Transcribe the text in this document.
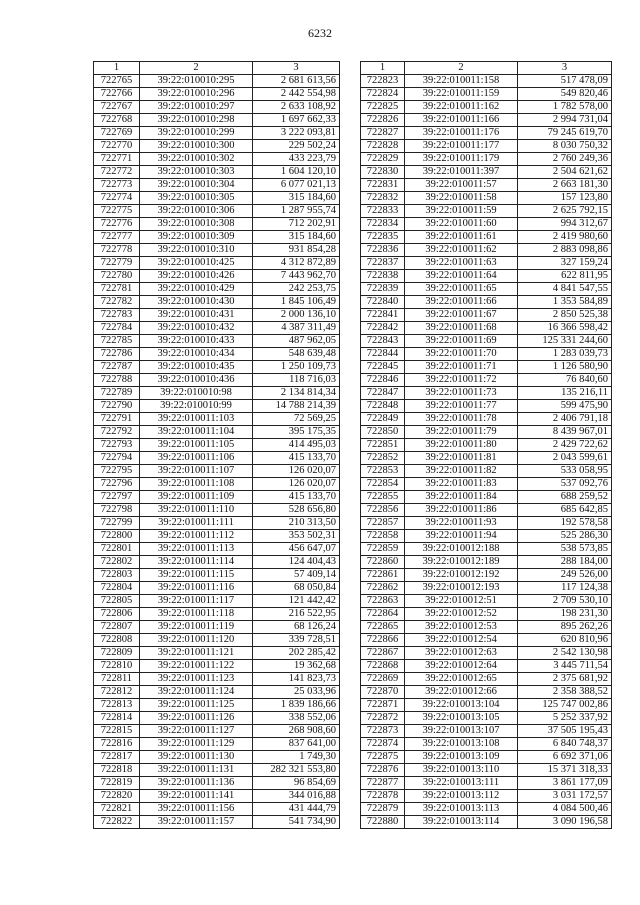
6232
1	2	3
722765	39:22:010010:295	2 681 613,56
722766	39:22:010010:296	2 442 554,98
722767	39:22:010010:297	2 633 108,92
722768	39:22:010010:298	1 697 662,33
722769	39:22:010010:299	3 222 093,81
722770	39:22:010010:300	229 502,24
722771	39:22:010010:302	433 223,79
722772	39:22:010010:303	1 604 120,10
722773	39:22:010010:304	6 077 021,13
722774	39:22:010010:305	315 184,60
722775	39:22:010010:306	1 287 955,74
722776	39:22:010010:308	712 202,91
722777	39:22:010010:309	315 184,60
722778	39:22:010010:310	931 854,28
722779	39:22:010010:425	4 312 872,89
722780	39:22:010010:426	7 443 962,70
722781	39:22:010010:429	242 253,75
722782	39:22:010010:430	1 845 106,49
722783	39:22:010010:431	2 000 136,10
722784	39:22:010010:432	4 387 311,49
722785	39:22:010010:433	487 962,05
722786	39:22:010010:434	548 639,48
722787	39:22:010010:435	1 250 109,73
722788	39:22:010010:436	118 716,03
722789	39:22:010010:98	2 134 814,34
722790	39:22:010010:99	14 788 214,39
722791	39:22:010011:103	72 569,25
722792	39:22:010011:104	395 175,35
722793	39:22:010011:105	414 495,03
722794	39:22:010011:106	415 133,70
722795	39:22:010011:107	126 020,07
722796	39:22:010011:108	126 020,07
722797	39:22:010011:109	415 133,70
722798	39:22:010011:110	528 656,80
722799	39:22:010011:111	210 313,50
722800	39:22:010011:112	353 502,31
722801	39:22:010011:113	456 647,07
722802	39:22:010011:114	124 404,43
722803	39:22:010011:115	57 409,14
722804	39:22:010011:116	68 050,84
722805	39:22:010011:117	121 442,42
722806	39:22:010011:118	216 522,95
722807	39:22:010011:119	68 126,24
722808	39:22:010011:120	339 728,51
722809	39:22:010011:121	202 285,42
722810	39:22:010011:122	19 362,68
722811	39:22:010011:123	141 823,73
722812	39:22:010011:124	25 033,96
722813	39:22:010011:125	1 839 186,66
722814	39:22:010011:126	338 552,06
722815	39:22:010011:127	268 908,60
722816	39:22:010011:129	837 641,00
722817	39:22:010011:130	1 749,30
722818	39:22:010011:131	282 321 553,80
722819	39:22:010011:136	96 854,69
722820	39:22:010011:141	344 016,88
722821	39:22:010011:156	431 444,79
722822	39:22:010011:157	541 734,90
1	2	3
722823	39:22:010011:158	517 478,09
722824	39:22:010011:159	549 820,46
722825	39:22:010011:162	1 782 578,00
722826	39:22:010011:166	2 994 731,04
722827	39:22:010011:176	79 245 619,70
722828	39:22:010011:177	8 030 750,32
722829	39:22:010011:179	2 760 249,36
722830	39:22:010011:397	2 504 621,62
722831	39:22:010011:57	2 663 181,30
722832	39:22:010011:58	157 123,80
722833	39:22:010011:59	2 625 792,15
722834	39:22:010011:60	994 312,67
722835	39:22:010011:61	2 419 980,60
722836	39:22:010011:62	2 883 098,86
722837	39:22:010011:63	327 159,24
722838	39:22:010011:64	622 811,95
722839	39:22:010011:65	4 841 547,55
722840	39:22:010011:66	1 353 584,89
722841	39:22:010011:67	2 850 525,38
722842	39:22:010011:68	16 366 598,42
722843	39:22:010011:69	125 331 244,60
722844	39:22:010011:70	1 283 039,73
722845	39:22:010011:71	1 126 580,90
722846	39:22:010011:72	76 840,60
722847	39:22:010011:73	135 216,11
722848	39:22:010011:77	599 475,90
722849	39:22:010011:78	2 406 791,18
722850	39:22:010011:79	8 439 967,01
722851	39:22:010011:80	2 429 722,62
722852	39:22:010011:81	2 043 599,61
722853	39:22:010011:82	533 058,95
722854	39:22:010011:83	537 092,76
722855	39:22:010011:84	688 259,52
722856	39:22:010011:86	685 642,85
722857	39:22:010011:93	192 578,58
722858	39:22:010011:94	525 286,30
722859	39:22:010012:188	538 573,85
722860	39:22:010012:189	288 184,00
722861	39:22:010012:192	249 526,00
722862	39:22:010012:193	117 124,38
722863	39:22:010012:51	2 709 530,10
722864	39:22:010012:52	198 231,30
722865	39:22:010012:53	895 262,26
722866	39:22:010012:54	620 810,96
722867	39:22:010012:63	2 542 130,98
722868	39:22:010012:64	3 445 711,54
722869	39:22:010012:65	2 375 681,92
722870	39:22:010012:66	2 358 388,52
722871	39:22:010013:104	125 747 002,86
722872	39:22:010013:105	5 252 337,92
722873	39:22:010013:107	37 505 195,43
722874	39:22:010013:108	6 840 748,37
722875	39:22:010013:109	6 692 371,06
722876	39:22:010013:110	15 371 318,33
722877	39:22:010013:111	3 861 177,09
722878	39:22:010013:112	3 031 172,57
722879	39:22:010013:113	4 084 500,46
722880	39:22:010013:114	3 090 196,58
